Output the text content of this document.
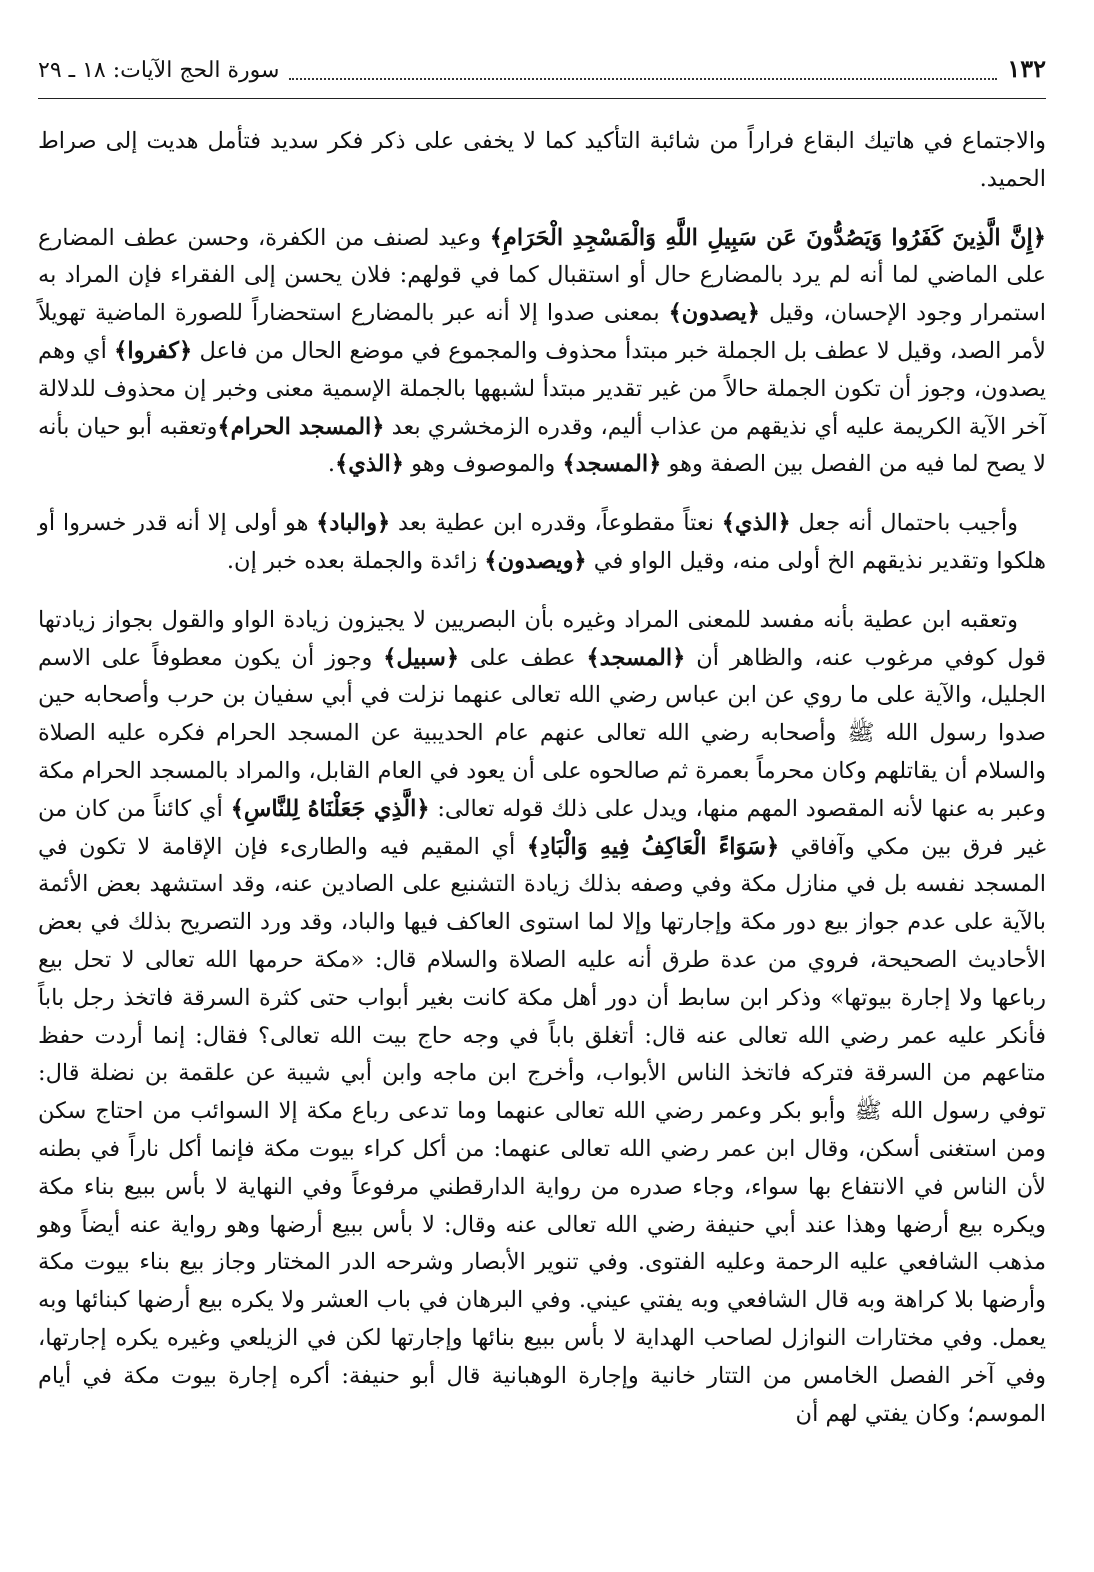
١٣٢
سورة الحج الآيات: ١٨ ـ ٢٩

والاجتماع في هاتيك البقاع فراراً من شائبة التأكيد كما لا يخفى على ذكر فكر سديد فتأمل هديت إلى صراط الحميد.

﴿إِنَّ الَّذِينَ كَفَرُوا وَيَصُدُّونَ عَن سَبِيلِ اللَّهِ وَالْمَسْجِدِ الْحَرَامِ﴾ وعيد لصنف من الكفرة، وحسن عطف المضارع على الماضي لما أنه لم يرد بالمضارع حال أو استقبال كما في قولهم: فلان يحسن إلى الفقراء فإن المراد به استمرار وجود الإحسان، وقيل ﴿يصدون﴾ بمعنى صدوا إلا أنه عبر بالمضارع استحضاراً للصورة الماضية تهويلاً لأمر الصد، وقيل لا عطف بل الجملة خبر مبتدأ محذوف والمجموع في موضع الحال من فاعل ﴿كفروا﴾ أي وهم يصدون، وجوز أن تكون الجملة حالاً من غير تقدير مبتدأ لشبهها بالجملة الإسمية معنى وخبر إن محذوف للدلالة آخر الآية الكريمة عليه أي نذيقهم من عذاب أليم، وقدره الزمخشري بعد ﴿المسجد الحرام﴾وتعقبه أبو حيان بأنه لا يصح لما فيه من الفصل بين الصفة وهو ﴿المسجد﴾ والموصوف وهو ﴿الذي﴾.

وأجيب باحتمال أنه جعل ﴿الذي﴾ نعتاً مقطوعاً، وقدره ابن عطية بعد ﴿والباد﴾ هو أولى إلا أنه قدر خسروا أو هلكوا وتقدير نذيقهم الخ أولى منه، وقيل الواو في ﴿ويصدون﴾ زائدة والجملة بعده خبر إن.

وتعقبه ابن عطية بأنه مفسد للمعنى المراد وغيره بأن البصريين لا يجيزون زيادة الواو والقول بجواز زيادتها قول كوفي مرغوب عنه، والظاهر أن ﴿المسجد﴾ عطف على ﴿سبيل﴾ وجوز أن يكون معطوفاً على الاسم الجليل، والآية على ما روي عن ابن عباس رضي الله تعالى عنهما نزلت في أبي سفيان بن حرب وأصحابه حين صدوا رسول الله ﷺ وأصحابه رضي الله تعالى عنهم عام الحديبية عن المسجد الحرام فكره عليه الصلاة والسلام أن يقاتلهم وكان محرماً بعمرة ثم صالحوه على أن يعود في العام القابل، والمراد بالمسجد الحرام مكة وعبر به عنها لأنه المقصود المهم منها، ويدل على ذلك قوله تعالى: ﴿الَّذِي جَعَلْنَاهُ لِلنَّاسِ﴾ أي كائناً من كان من غير فرق بين مكي وآفاقي ﴿سَوَاءً الْعَاكِفُ فِيهِ وَالْبَادِ﴾ أي المقيم فيه والطارىء فإن الإقامة لا تكون في المسجد نفسه بل في منازل مكة وفي وصفه بذلك زيادة التشنيع على الصادين عنه، وقد استشهد بعض الأئمة بالآية على عدم جواز بيع دور مكة وإجارتها وإلا لما استوى العاكف فيها والباد، وقد ورد التصريح بذلك في بعض الأحاديث الصحيحة، فروي من عدة طرق أنه عليه الصلاة والسلام قال: «مكة حرمها الله تعالى لا تحل بيع رباعها ولا إجارة بيوتها» وذكر ابن سابط أن دور أهل مكة كانت بغير أبواب حتى كثرة السرقة فاتخذ رجل باباً فأنكر عليه عمر رضي الله تعالى عنه قال: أتغلق باباً في وجه حاج بيت الله تعالى؟ فقال: إنما أردت حفظ متاعهم من السرقة فتركه فاتخذ الناس الأبواب، وأخرج ابن ماجه وابن أبي شيبة عن علقمة بن نضلة قال: توفي رسول الله ﷺ وأبو بكر وعمر رضي الله تعالى عنهما وما تدعى رباع مكة إلا السوائب من احتاج سكن ومن استغنى أسكن، وقال ابن عمر رضي الله تعالى عنهما: من أكل كراء بيوت مكة فإنما أكل ناراً في بطنه لأن الناس في الانتفاع بها سواء، وجاء صدره من رواية الدارقطني مرفوعاً وفي النهاية لا بأس ببيع بناء مكة ويكره بيع أرضها وهذا عند أبي حنيفة رضي الله تعالى عنه وقال: لا بأس ببيع أرضها وهو رواية عنه أيضاً وهو مذهب الشافعي عليه الرحمة وعليه الفتوى. وفي تنوير الأبصار وشرحه الدر المختار وجاز بيع بناء بيوت مكة وأرضها بلا كراهة وبه قال الشافعي وبه يفتي عيني. وفي البرهان في باب العشر ولا يكره بيع أرضها كبنائها وبه يعمل. وفي مختارات النوازل لصاحب الهداية لا بأس ببيع بنائها وإجارتها لكن في الزيلعي وغيره يكره إجارتها، وفي آخر الفصل الخامس من التتار خانية وإجارة الوهبانية قال أبو حنيفة: أكره إجارة بيوت مكة في أيام الموسم؛ وكان يفتي لهم أن
